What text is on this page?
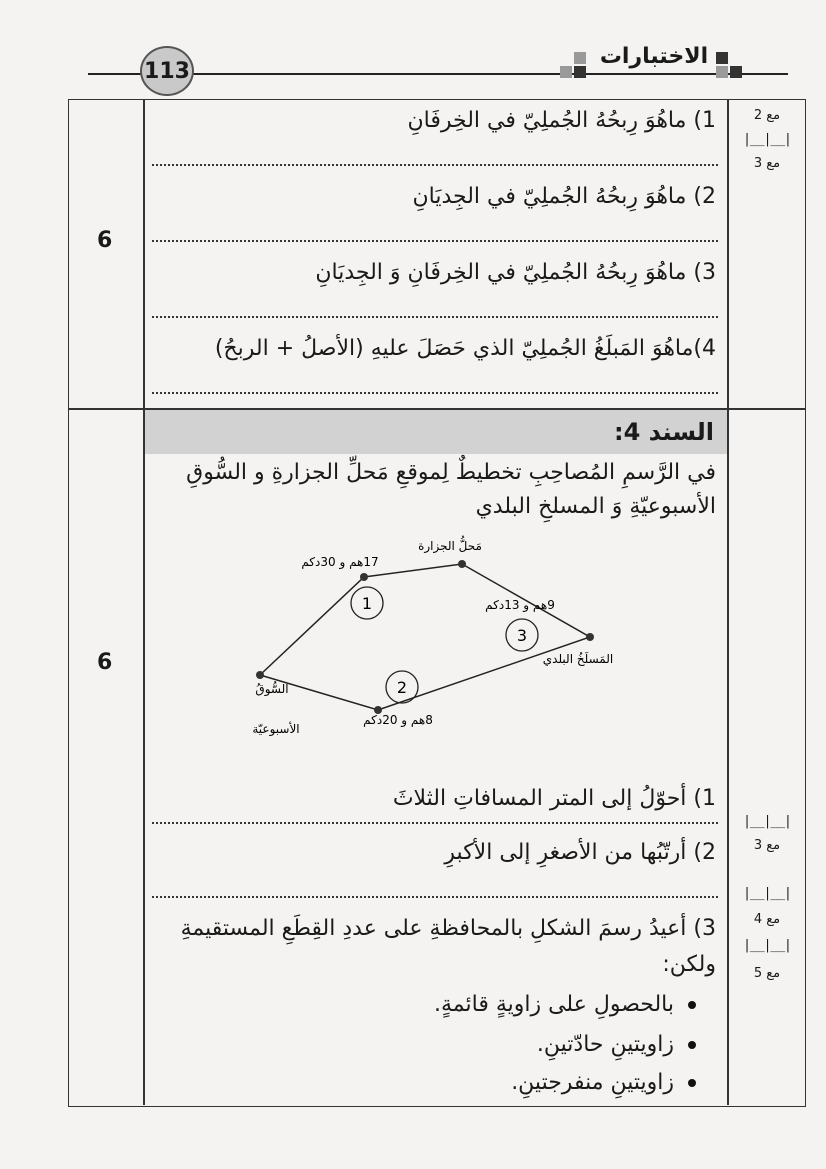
113
الاختبارات
مع 2
|__|__|
مع 3
6
1) ماهُوَ رِبحُهُ الجُملِيّ في الخِرفَانِ
2) ماهُوَ رِبحُهُ الجُملِيّ في الجِديَانِ
3) ماهُوَ رِبحُهُ الجُملِيّ في الخِرفَانِ وَ الجِديَانِ
4)ماهُوَ المَبلَغُ الجُملِيّ الذي حَصَلَ عليهِ (الأصلُ + الربحُ)
السند 4:
في الرَّسمِ المُصاحِبِ تخطيطٌ لِموقعِ مَحلِّ الجزارةِ و السُّوقِ
الأسبوعيّةِ وَ المسلخِ البلدي
6
1
3
2
17هم و 30دكم
مَحلُّ الجزارة
9هم و 13دكم
المَسلَخُ البلدي
السُّوقُ
الأسبوعيّة
8هم و 20دكم
1) أحوّلُ إلى المتر المسافاتِ الثلاثَ
2) أرتّبُها من الأصغرِ إلى الأكبرِ
3) أعيدُ رسمَ الشكلِ بالمحافظةِ على عددِ القِطَعِ المستقيمةِ
ولكن:
بالحصولِ على زاويةٍ قائمةٍ.
زاويتينِ حادّتينِ.
زاويتينِ منفرجتينِ.
|__|__|
مع 3
|__|__|
مع 4
|__|__|
مع 5
